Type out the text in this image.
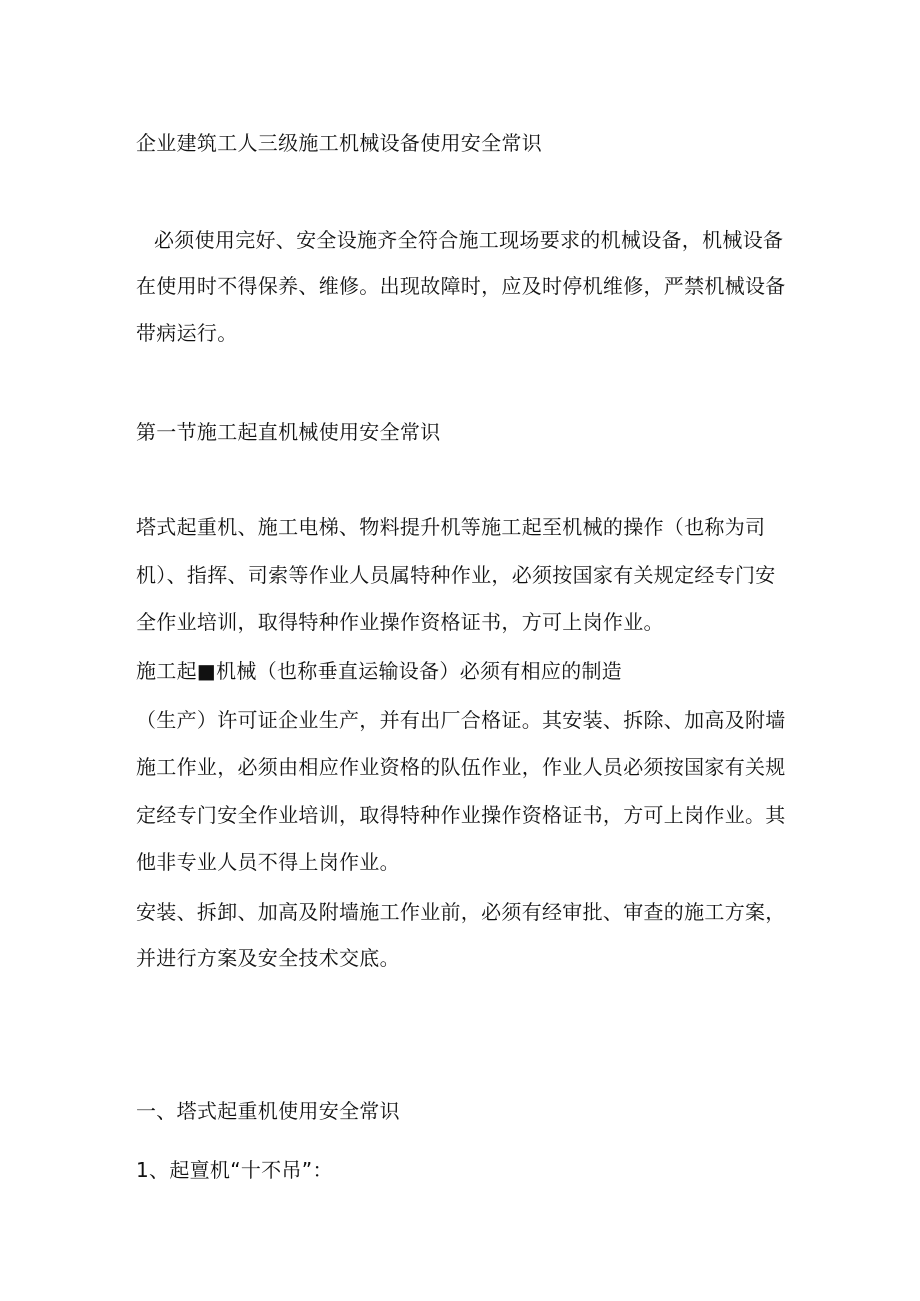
企业建筑工人三级施工机械设备使用安全常识
必须使用完好、安全设施齐全符合施工现场要求的机械设备，机械设备
在使用时不得保养、维修。出现故障时，应及时停机维修，严禁机械设备
带病运行。
第一节施工起直机械使用安全常识
塔式起重机、施工电梯、物料提升机等施工起至机械的操作（也称为司
机）、指挥、司索等作业人员属特种作业，必须按国家有关规定经专门安
全作业培训，取得特种作业操作资格证书，方可上岗作业。
施工起■机械（也称垂直运输设备）必须有相应的制造
（生产）许可证企业生产，并有出厂合格证。其安装、拆除、加高及附墙
施工作业，必须由相应作业资格的队伍作业，作业人员必须按国家有关规
定经专门安全作业培训，取得特种作业操作资格证书，方可上岗作业。其
他非专业人员不得上岗作业。
安装、拆卸、加高及附墙施工作业前，必须有经审批、审查的施工方案，
并进行方案及安全技术交底。
一、塔式起重机使用安全常识
1、起亶机“十不吊”：
